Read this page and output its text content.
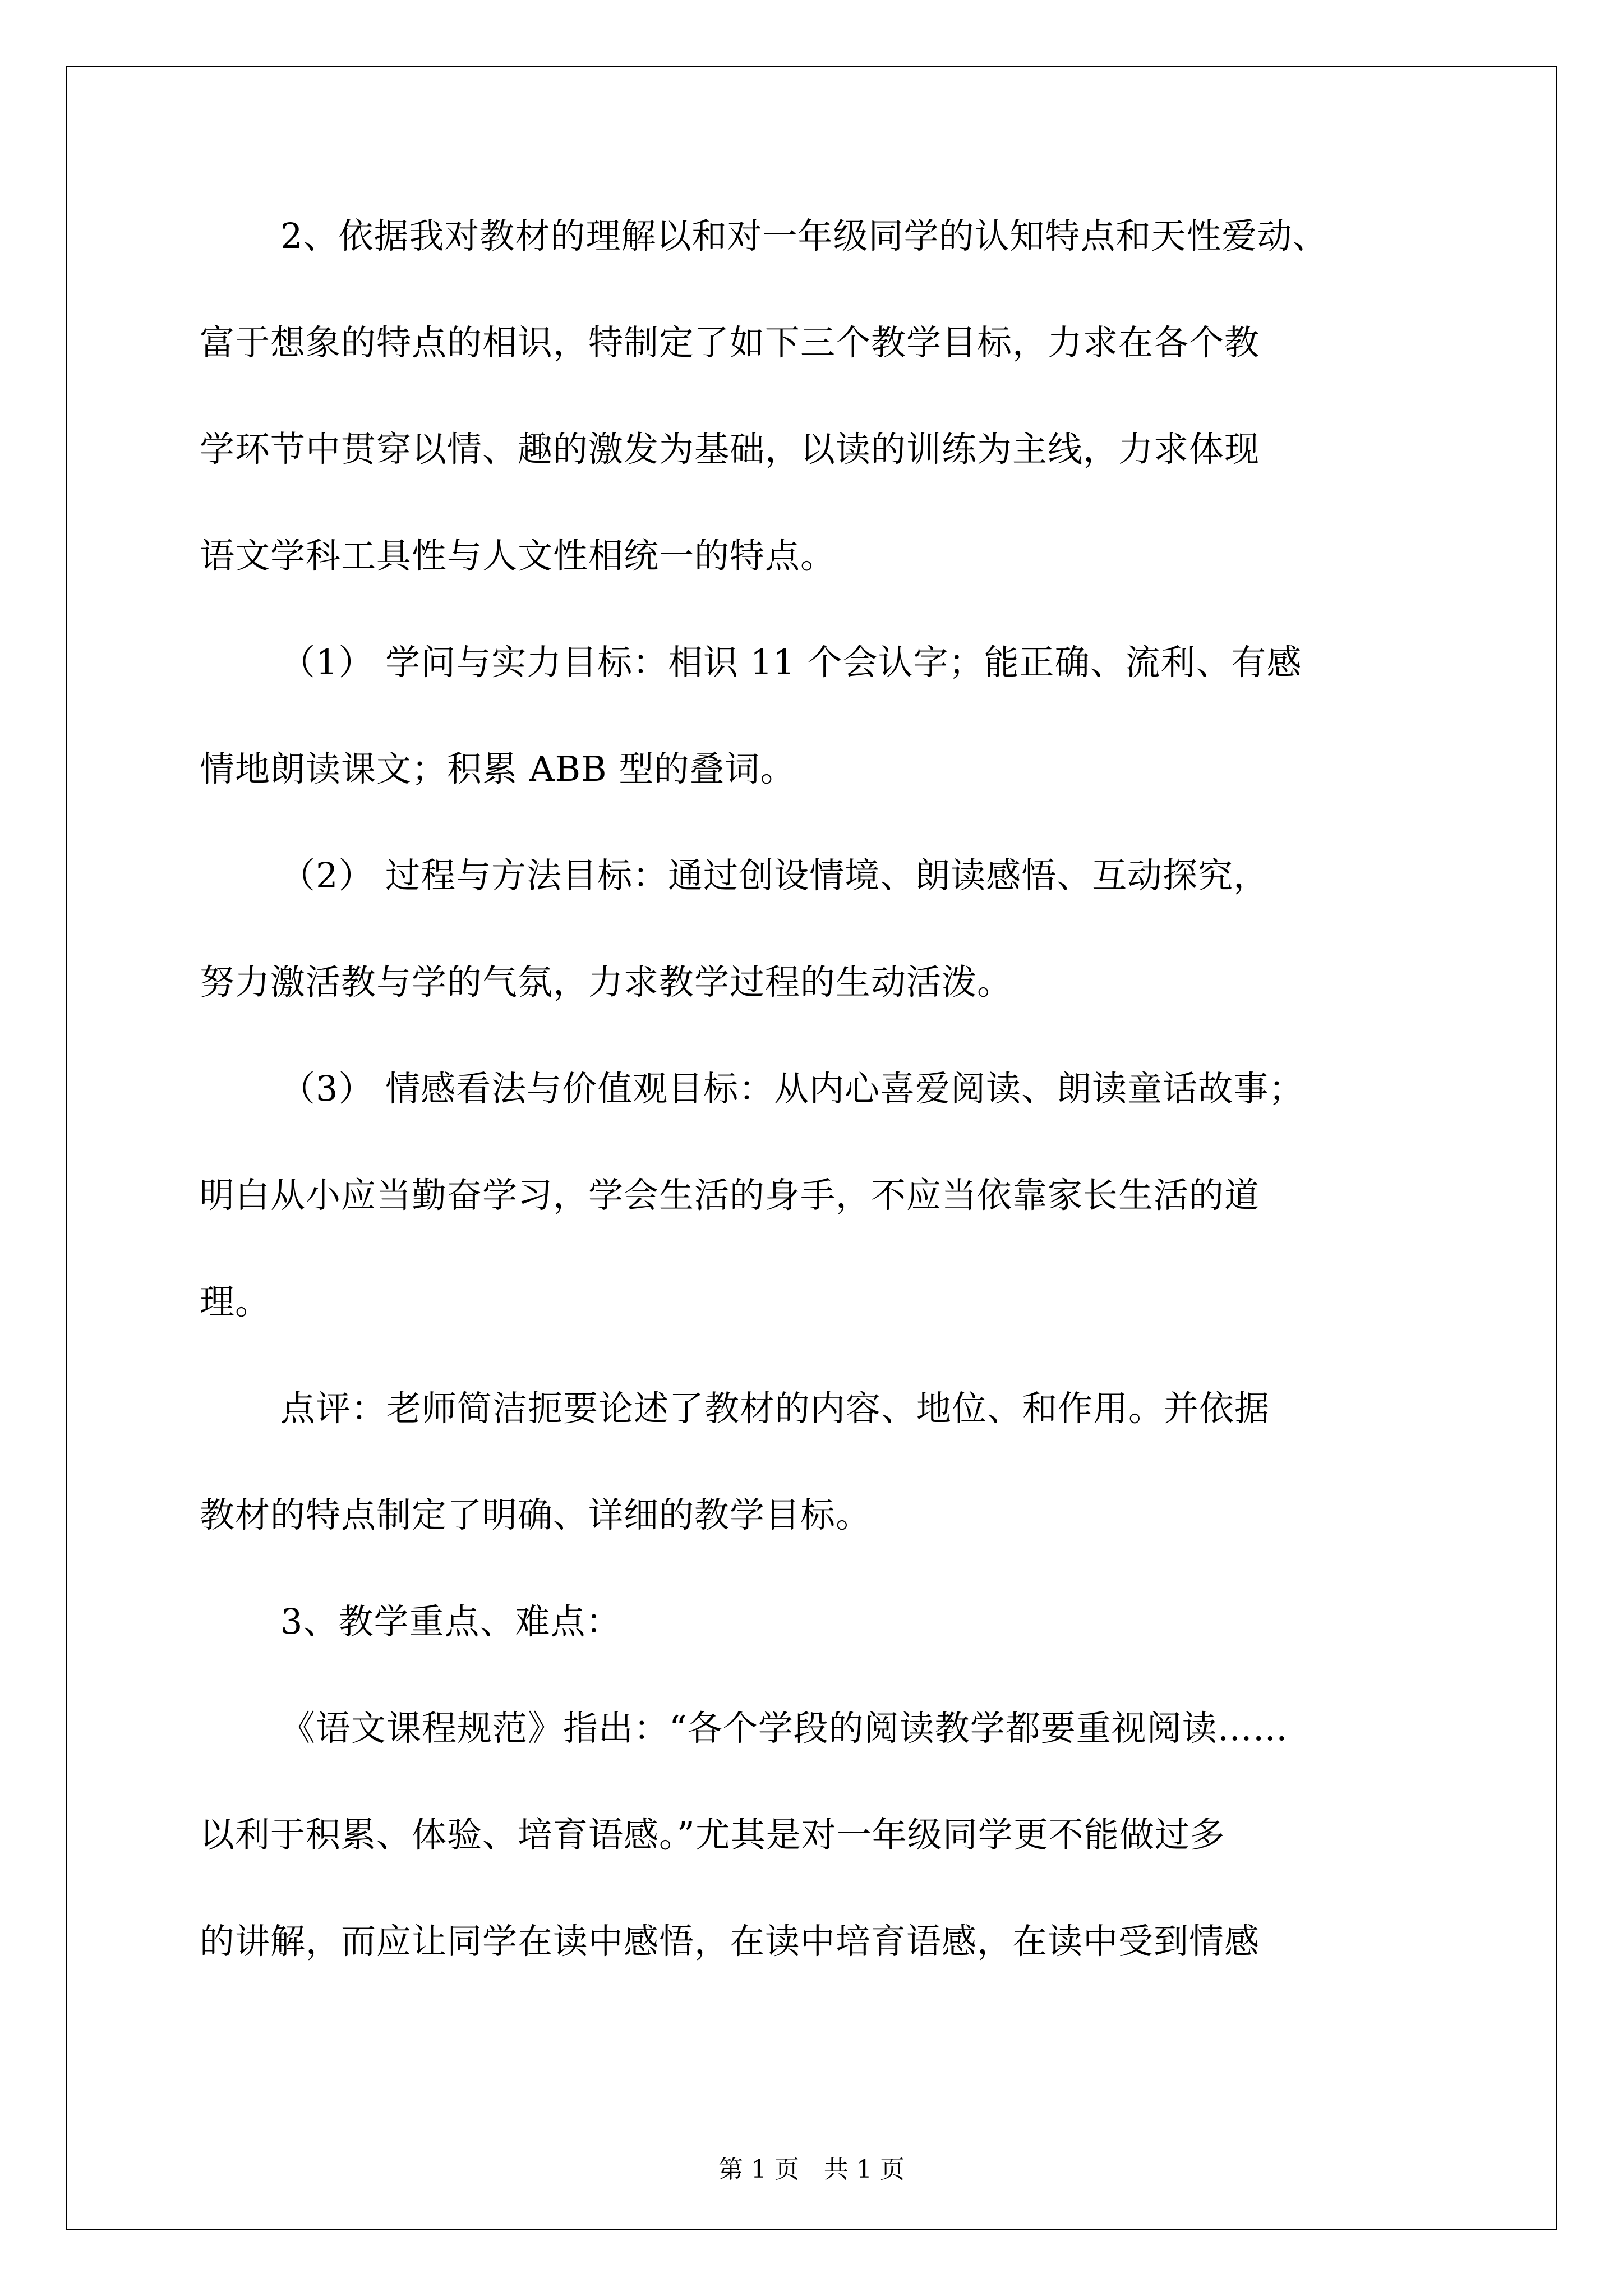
2、依据我对教材的理解以和对一年级同学的认知特点和天性爱动、
富于想象的特点的相识，特制定了如下三个教学目标，力求在各个教
学环节中贯穿以情、趣的激发为基础，以读的训练为主线，力求体现
语文学科工具性与人文性相统一的特点。
（1） 学问与实力目标：相识 11 个会认字；能正确、流利、有感
情地朗读课文；积累 ABB 型的叠词。
（2） 过程与方法目标：通过创设情境、朗读感悟、互动探究，
努力激活教与学的气氛，力求教学过程的生动活泼。
（3） 情感看法与价值观目标：从内心喜爱阅读、朗读童话故事；
明白从小应当勤奋学习，学会生活的身手，不应当依靠家长生活的道
理。
点评：老师简洁扼要论述了教材的内容、地位、和作用。并依据
教材的特点制定了明确、详细的教学目标。
3、教学重点、难点：
《语文课程规范》指出：“各个学段的阅读教学都要重视阅读……
以利于积累、体验、培育语感。”尤其是对一年级同学更不能做过多
的讲解，而应让同学在读中感悟，在读中培育语感，在读中受到情感
第 1 页　共 1 页
